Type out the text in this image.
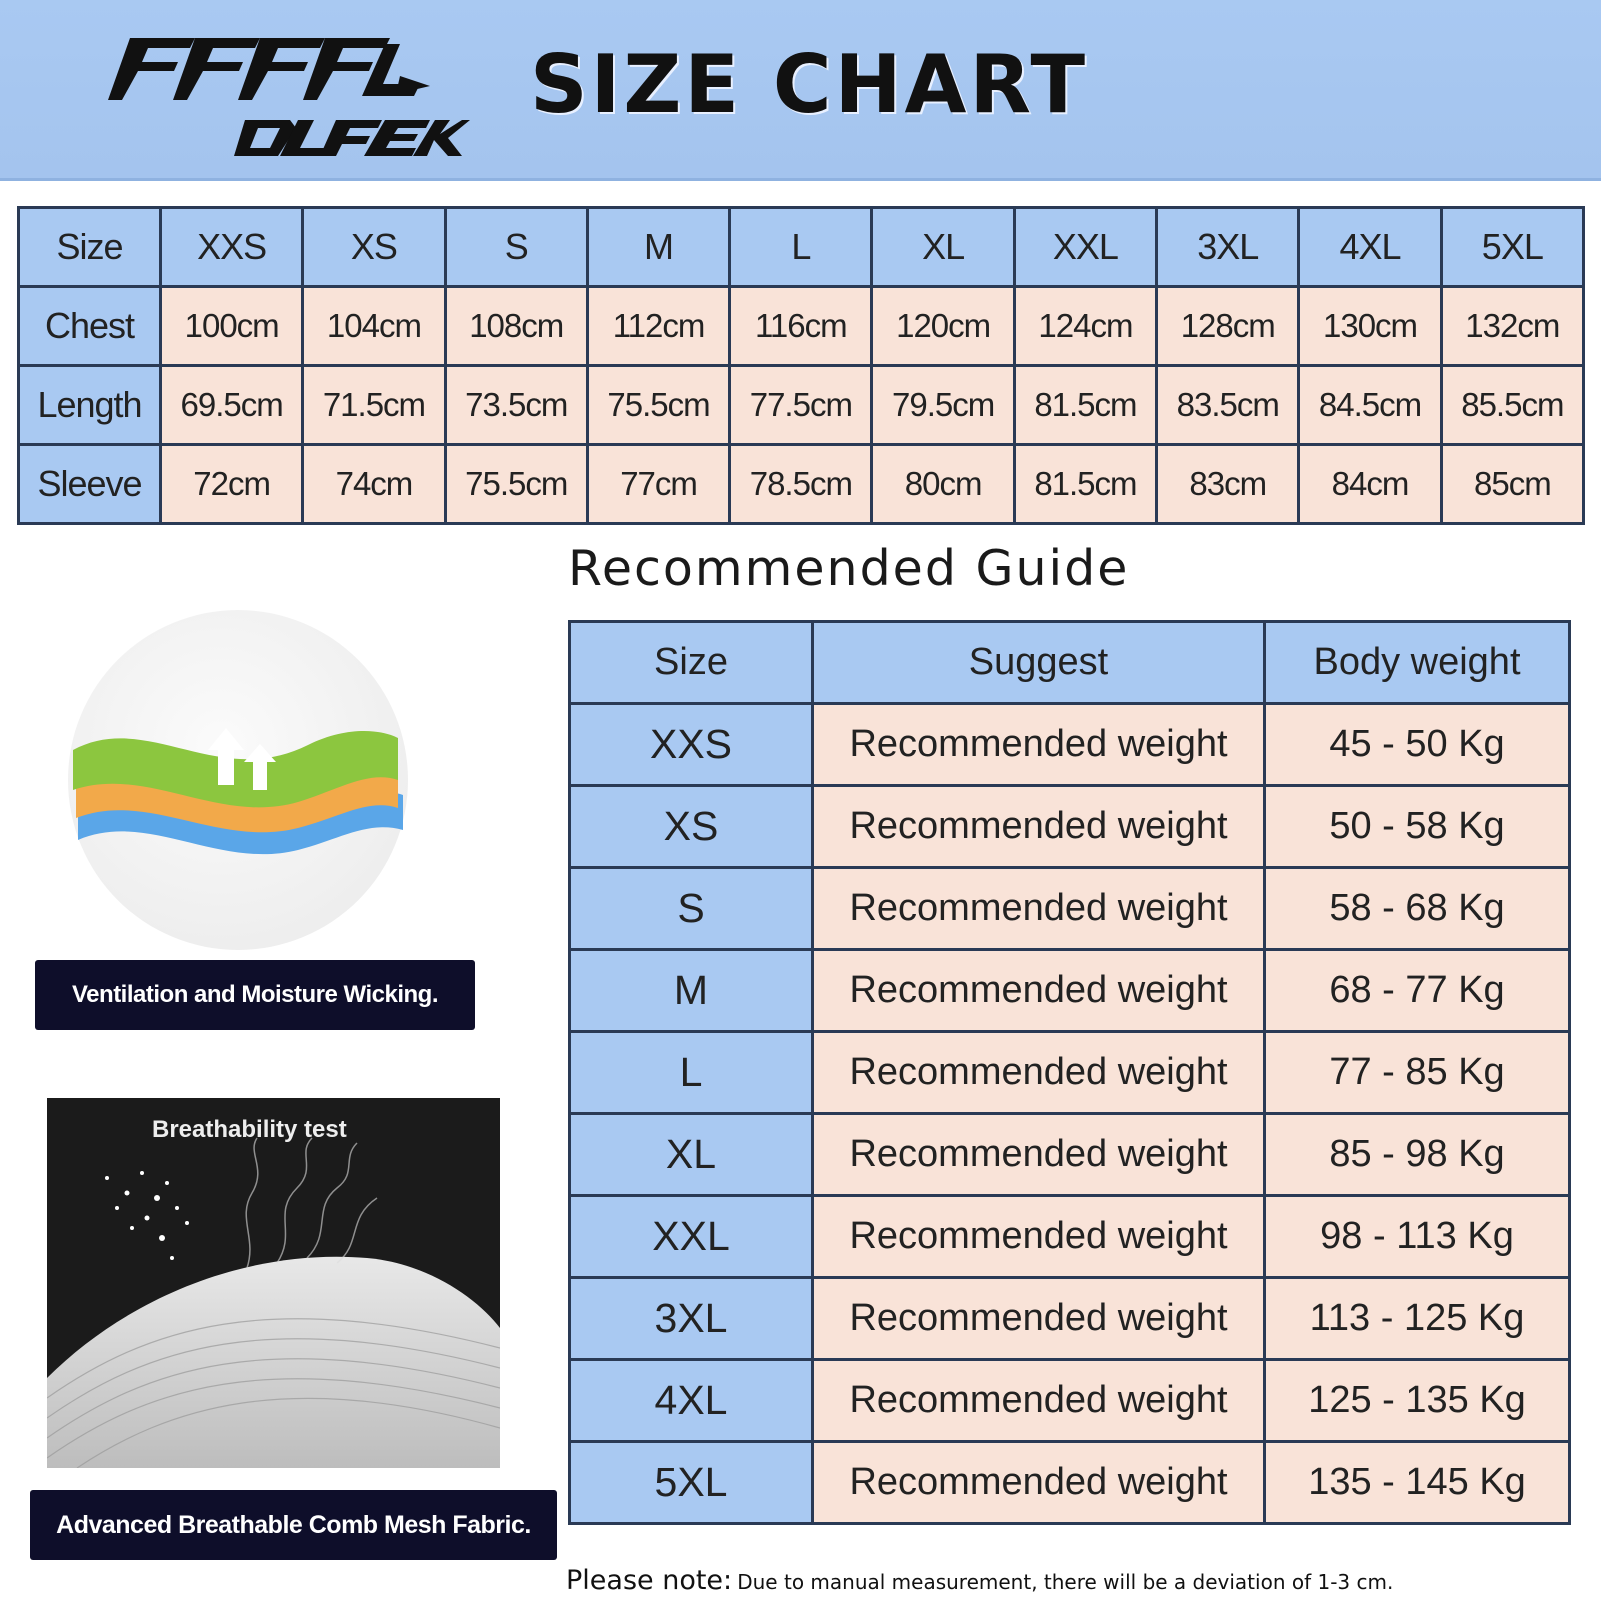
SIZE CHART
Size	XXS	XS	S	M	L	XL	XXL	3XL	4XL	5XL
Chest	100cm	104cm	108cm	112cm	116cm	120cm	124cm	128cm	130cm	132cm
Length	69.5cm	71.5cm	73.5cm	75.5cm	77.5cm	79.5cm	81.5cm	83.5cm	84.5cm	85.5cm
Sleeve	72cm	74cm	75.5cm	77cm	78.5cm	80cm	81.5cm	83cm	84cm	85cm
Recommended Guide
Size	Suggest	Body weight
XXS	Recommended weight	45 - 50 Kg
XS	Recommended weight	50 - 58 Kg
S	Recommended weight	58 - 68 Kg
M	Recommended weight	68 - 77 Kg
L	Recommended weight	77 - 85 Kg
XL	Recommended weight	85 - 98 Kg
XXL	Recommended weight	98 - 113 Kg
3XL	Recommended weight	113 - 125 Kg
4XL	Recommended weight	125 - 135 Kg
5XL	Recommended weight	135 - 145 Kg
Ventilation and Moisture Wicking.
Breathability test
Advanced Breathable Comb Mesh Fabric.
Please note: Due to manual measurement, there will be a deviation of 1-3 cm.
